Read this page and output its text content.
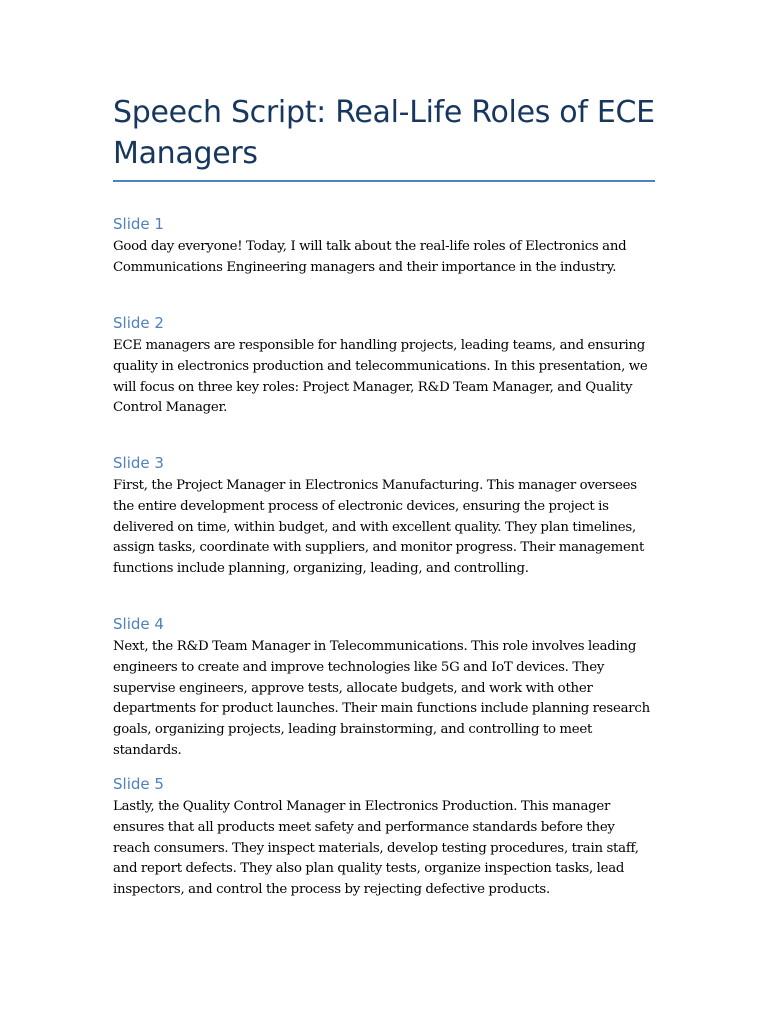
Speech Script: Real-Life Roles of ECE Managers
Slide 1

Good day everyone! Today, I will talk about the real-life roles of Electronics and Communications Engineering managers and their importance in the industry.

Slide 2

ECE managers are responsible for handling projects, leading teams, and ensuring quality in electronics production and telecommunications. In this presentation, we will focus on three key roles: Project Manager, R&D Team Manager, and Quality Control Manager.

Slide 3

First, the Project Manager in Electronics Manufacturing. This manager oversees the entire development process of electronic devices, ensuring the project is delivered on time, within budget, and with excellent quality. They plan timelines, assign tasks, coordinate with suppliers, and monitor progress. Their management functions include planning, organizing, leading, and controlling.

Slide 4

Next, the R&D Team Manager in Telecommunications. This role involves leading engineers to create and improve technologies like 5G and IoT devices. They supervise engineers, approve tests, allocate budgets, and work with other departments for product launches. Their main functions include planning research goals, organizing projects, leading brainstorming, and controlling to meet standards.

Slide 5

Lastly, the Quality Control Manager in Electronics Production. This manager ensures that all products meet safety and performance standards before they reach consumers. They inspect materials, develop testing procedures, train staff, and report defects. They also plan quality tests, organize inspection tasks, lead inspectors, and control the process by rejecting defective products.
